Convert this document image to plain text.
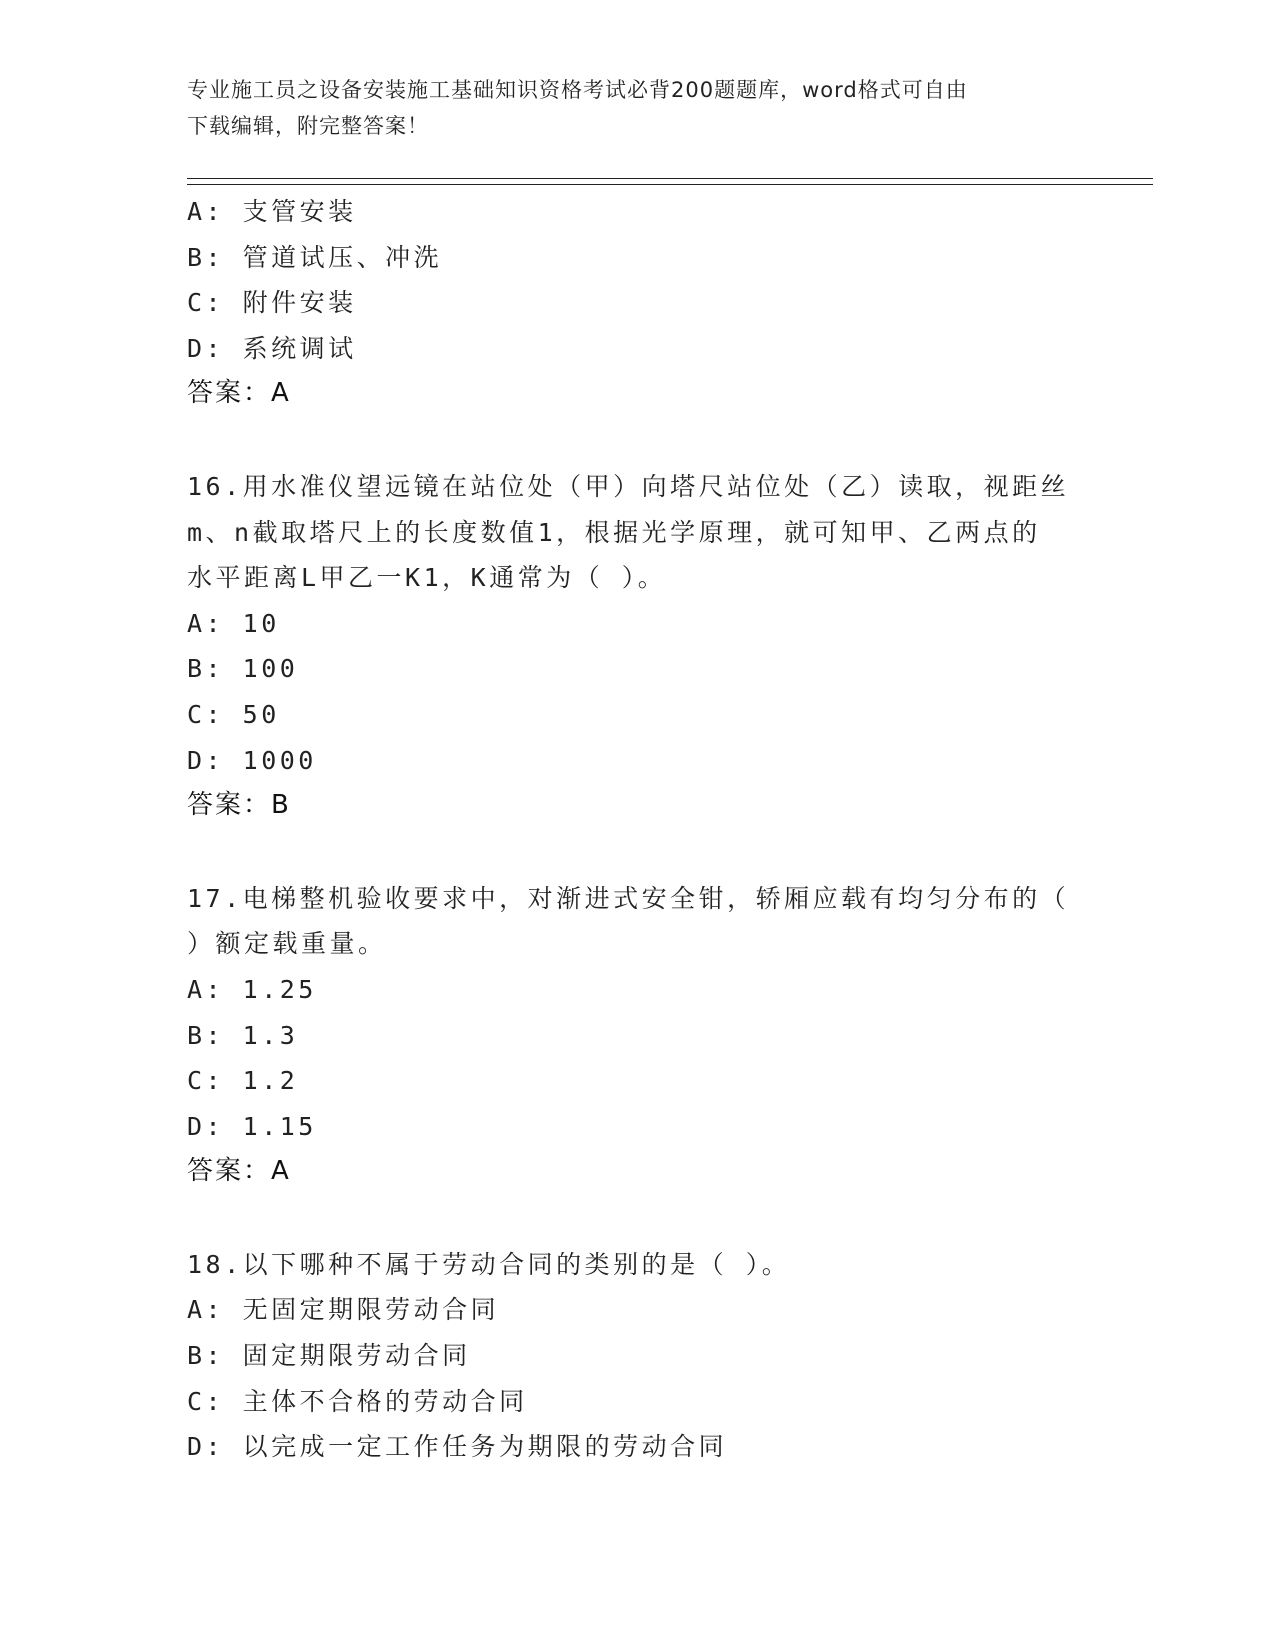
专业施工员之设备安装施工基础知识资格考试必背200题题库，word格式可自由
下载编辑，附完整答案！
A: 支管安装
B: 管道试压、冲洗
C: 附件安装
D: 系统调试
答案：A
16.用水准仪望远镜在站位处（甲）向塔尺站位处（乙）读取，视距丝
m、n截取塔尺上的长度数值1，根据光学原理，就可知甲、乙两点的
水平距离L甲乙一K1，K通常为（ ）。
A: 10
B: 100
C: 50
D: 1000
答案：B
17.电梯整机验收要求中，对渐进式安全钳，轿厢应载有均匀分布的（
）额定载重量。
A: 1.25
B: 1.3
C: 1.2
D: 1.15
答案：A
18.以下哪种不属于劳动合同的类别的是（ ）。
A: 无固定期限劳动合同
B: 固定期限劳动合同
C: 主体不合格的劳动合同
D: 以完成一定工作任务为期限的劳动合同
